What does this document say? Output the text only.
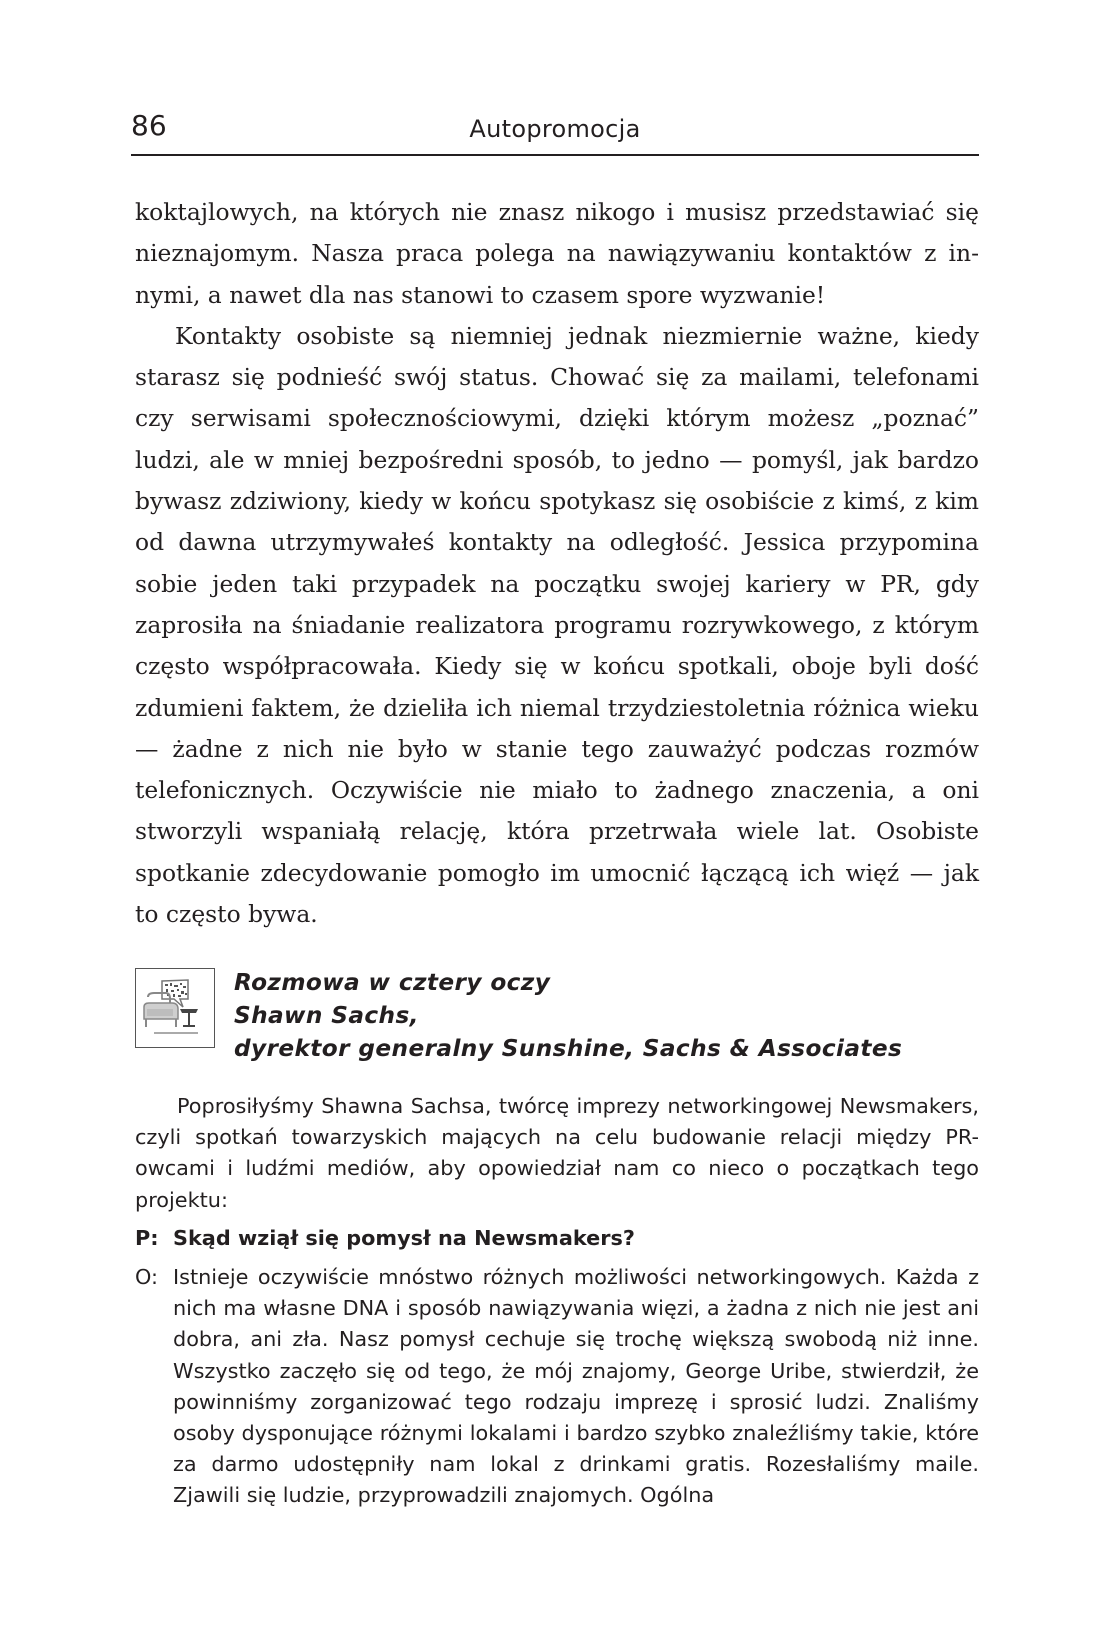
86	Autopromocja

koktajlowych, na których nie znasz nikogo i musisz przedstawiać się nieznajomym. Nasza praca polega na nawiązywaniu kontaktów z innymi, a nawet dla nas stanowi to czasem spore wyzwanie!

Kontakty osobiste są niemniej jednak niezmiernie ważne, kiedy starasz się podnieść swój status. Chować się za mailami, telefonami czy serwisami społecznościowymi, dzięki którym możesz „poznać” ludzi, ale w mniej bezpośredni sposób, to jedno — pomyśl, jak bardzo bywasz zdziwiony, kiedy w końcu spotykasz się osobiście z kimś, z kim od dawna utrzymywałeś kontakty na odległość. Jessica przypomina sobie jeden taki przypadek na początku swojej kariery w PR, gdy zaprosiła na śniadanie realizatora programu rozrywkowego, z którym często współpracowała. Kiedy się w końcu spotkali, oboje byli dość zdumieni faktem, że dzieliła ich niemal trzydziestoletnia różnica wieku — żadne z nich nie było w stanie tego zauważyć podczas rozmów telefonicznych. Oczywiście nie miało to żadnego znaczenia, a oni stworzyli wspaniałą relację, która przetrwała wiele lat. Osobiste spotkanie zdecydowanie pomogło im umocnić łączącą ich więź — jak to często bywa.

Rozmowa w cztery oczy
Shawn Sachs,
dyrektor generalny Sunshine, Sachs & Associates
Poprosiłyśmy Shawna Sachsa, twórcę imprezy networkingowej Newsmakers, czyli spotkań towarzyskich mających na celu budowanie relacji między PR-owcami i ludźmi mediów, aby opowiedział nam co nieco o początkach tego projektu:
P: Skąd wziął się pomysł na Newsmakers?
O: Istnieje oczywiście mnóstwo różnych możliwości networkingowych. Każda z nich ma własne DNA i sposób nawiązywania więzi, a żadna z nich nie jest ani dobra, ani zła. Nasz pomysł cechuje się trochę większą swobodą niż inne. Wszystko zaczęło się od tego, że mój znajomy, George Uribe, stwierdził, że powinniśmy zorganizować tego rodzaju imprezę i sprosić ludzi. Znaliśmy osoby dysponujące różnymi lokalami i bardzo szybko znaleźliśmy takie, które za darmo udostępniły nam lokal z drinkami gratis. Rozesłaliśmy maile. Zjawili się ludzie, przyprowadzili znajomych. Ogólna
